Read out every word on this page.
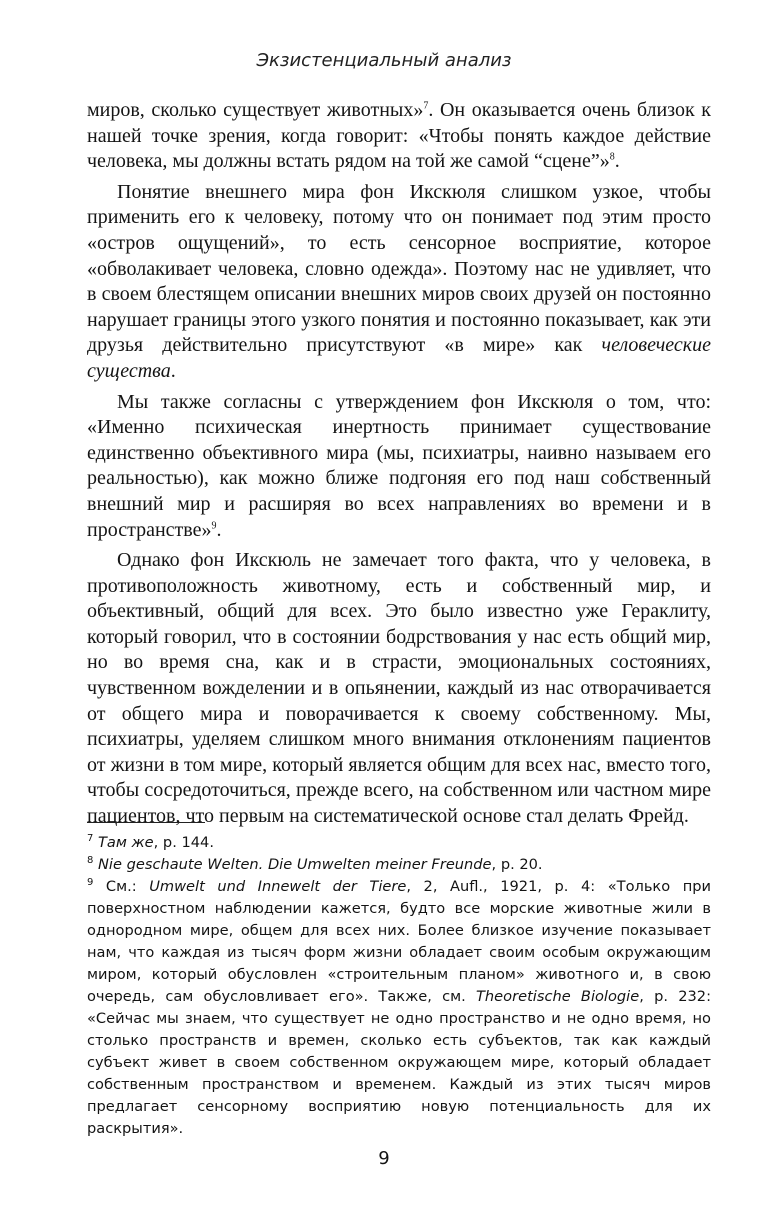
Экзистенциальный анализ

миров, сколько существует животных»$^7$. Он оказывается очень близок к нашей точке зрения, когда говорит: «Чтобы понять каждое действие человека, мы должны встать рядом на той же самой “сцене”»$^8$.

Понятие внешнего мира фон Икскюля слишком узкое, чтобы применить его к человеку, потому что он понимает под этим просто «остров ощущений», то есть сенсорное восприятие, которое «обволакивает человека, словно одежда». Поэтому нас не удивляет, что в своем блестящем описании внешних миров своих друзей он постоянно нарушает границы этого узкого понятия и постоянно показывает, как эти друзья действительно присутствуют «в мире» как человеческие существа.

Мы также согласны с утверждением фон Икскюля о том, что: «Именно психическая инертность принимает существование единственно объективного мира (мы, психиатры, наивно называем его реальностью), как можно ближе подгоняя его под наш собственный внешний мир и расширяя во всех направлениях во времени и в пространстве»$^9$.

Однако фон Икскюль не замечает того факта, что у человека, в противоположность животному, есть и собственный мир, и объективный, общий для всех. Это было известно уже Гераклиту, который говорил, что в состоянии бодрствования у нас есть общий мир, но во время сна, как и в страсти, эмоциональных состояниях, чувственном вожделении и в опьянении, каждый из нас отворачивается от общего мира и поворачивается к своему собственному. Мы, психиатры, уделяем слишком много внимания отклонениям пациентов от жизни в том мире, который является общим для всех нас, вместо того, чтобы сосредоточиться, прежде всего, на собственном или частном мире пациентов, что первым на систематической основе стал делать Фрейд.

$^7$ Там же, р. 144.

$^8$ Nie geschaute Welten. Die Umwelten meiner Freunde, p. 20.

$^9$ См.: Umwelt und Innewelt der Tiere, 2, Aufl., 1921, p. 4: «Только при поверхностном наблюдении кажется, будто все морские животные жили в однородном мире, общем для всех них. Более близкое изучение показывает нам, что каждая из тысяч форм жизни обладает своим особым окружающим миром, который обусловлен «строительным планом» животного и, в свою очередь, сам обусловливает его». Также, см. Theoretische Biologie, p. 232: «Сейчас мы знаем, что существует не одно пространство и не одно время, но столько пространств и времен, сколько есть субъектов, так как каждый субъект живет в своем собственном окружающем мире, который обладает собственным пространством и временем. Каждый из этих тысяч миров предлагает сенсорному восприятию новую потенциальность для их раскрытия».

9
